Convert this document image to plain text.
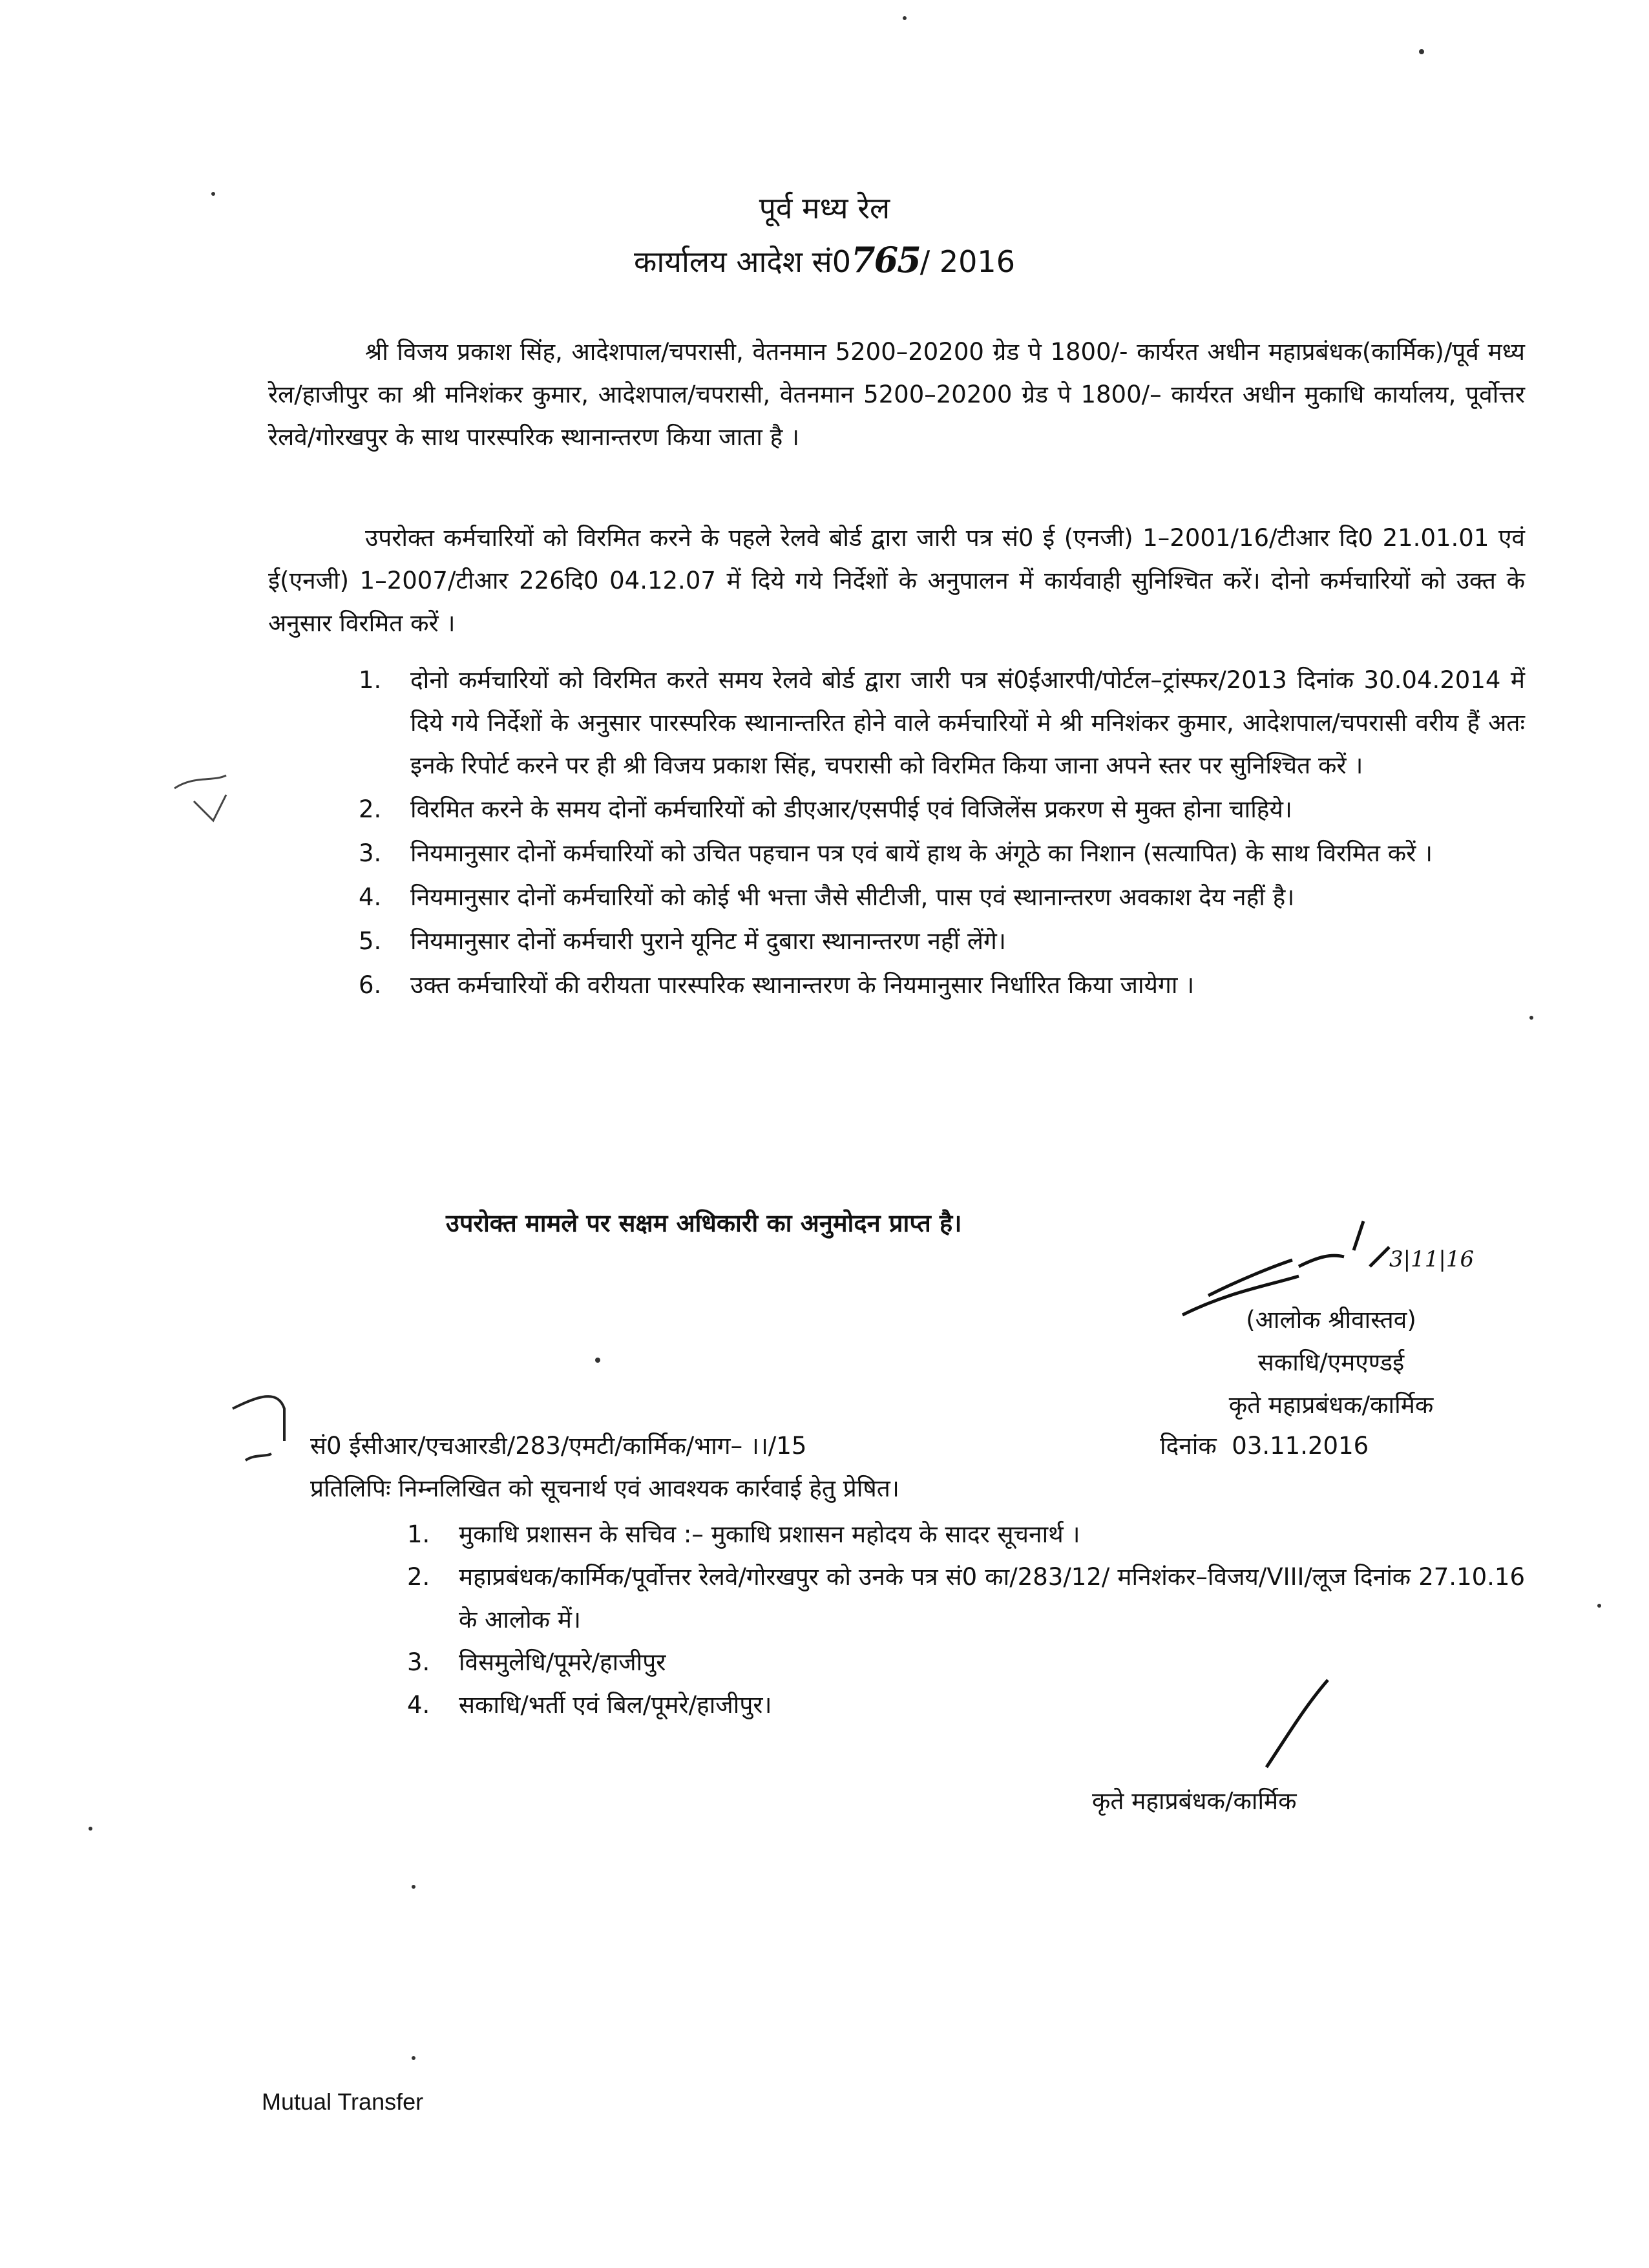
पूर्व मध्य रेल
कार्यालय आदेश सं0765/ 2016

श्री विजय प्रकाश सिंह, आदेशपाल/चपरासी, वेतनमान 5200–20200 ग्रेड पे 1800/- कार्यरत अधीन महाप्रबंधक(कार्मिक)/पूर्व मध्य रेल/हाजीपुर का श्री मनिशंकर कुमार, आदेशपाल/चपरासी, वेतनमान 5200–20200 ग्रेड पे 1800/– कार्यरत अधीन मुकाधि कार्यालय, पूर्वोत्तर रेलवे/गोरखपुर के साथ पारस्परिक स्थानान्तरण किया जाता है ।

उपरोक्त कर्मचारियों को विरमित करने के पहले रेलवे बोर्ड द्वारा जारी पत्र सं0 ई (एनजी) 1–2001/16/टीआर दि0 21.01.01 एवं ई(एनजी) 1–2007/टीआर 226दि0 04.12.07 में दिये गये निर्देशों के अनुपालन में कार्यवाही सुनिश्चित करें। दोनो कर्मचारियों को उक्त के अनुसार विरमित करें ।

1. दोनो कर्मचारियों को विरमित करते समय रेलवे बोर्ड द्वारा जारी पत्र सं0ईआरपी/पोर्टल–ट्रांस्फर/2013 दिनांक 30.04.2014 में दिये गये निर्देशों के अनुसार पारस्परिक स्थानान्तरित होने वाले कर्मचारियों मे श्री मनिशंकर कुमार, आदेशपाल/चपरासी वरीय हैं अतः इनके रिपोर्ट करने पर ही श्री विजय प्रकाश सिंह, चपरासी को विरमित किया जाना अपने स्तर पर सुनिश्चित करें ।
2. विरमित करने के समय दोनों कर्मचारियों को डीएआर/एसपीई एवं विजिलेंस प्रकरण से मुक्त होना चाहिये।
3. नियमानुसार दोनों कर्मचारियों को उचित पहचान पत्र एवं बायें हाथ के अंगूठे का निशान (सत्यापित) के साथ विरमित करें ।
4. नियमानुसार दोनों कर्मचारियों को कोई भी भत्ता जैसे सीटीजी, पास एवं स्थानान्तरण अवकाश देय नहीं है।
5. नियमानुसार दोनों कर्मचारी पुराने यूनिट में दुबारा स्थानान्तरण नहीं लेंगे।
6. उक्त कर्मचारियों की वरीयता पारस्परिक स्थानान्तरण के नियमानुसार निर्धारित किया जायेगा ।
उपरोक्त मामले पर सक्षम अधिकारी का अनुमोदन प्राप्त है।
(आलोक श्रीवास्तव)
सकाधि/एमएण्डई
कृते महाप्रबंधक/कार्मिक
सं0 ईसीआर/एचआरडी/283/एमटी/कार्मिक/भाग– ।।/15	दिनांक 03.11.2016
प्रतिलिपिः निम्नलिखित को सूचनार्थ एवं आवश्यक कार्रवाई हेतु प्रेषित।
1. मुकाधि प्रशासन के सचिव :– मुकाधि प्रशासन महोदय के सादर सूचनार्थ ।
2. महाप्रबंधक/कार्मिक/पूर्वोत्तर रेलवे/गोरखपुर को उनके पत्र सं0 का/283/12/ मनिशंकर–विजय/VIII/लूज दिनांक 27.10.16 के आलोक में।
3. विसमुलेधि/पूमरे/हाजीपुर
4. सकाधि/भर्ती एवं बिल/पूमरे/हाजीपुर।
कृते महाप्रबंधक/कार्मिक
Mutual Transfer
3|11|16
